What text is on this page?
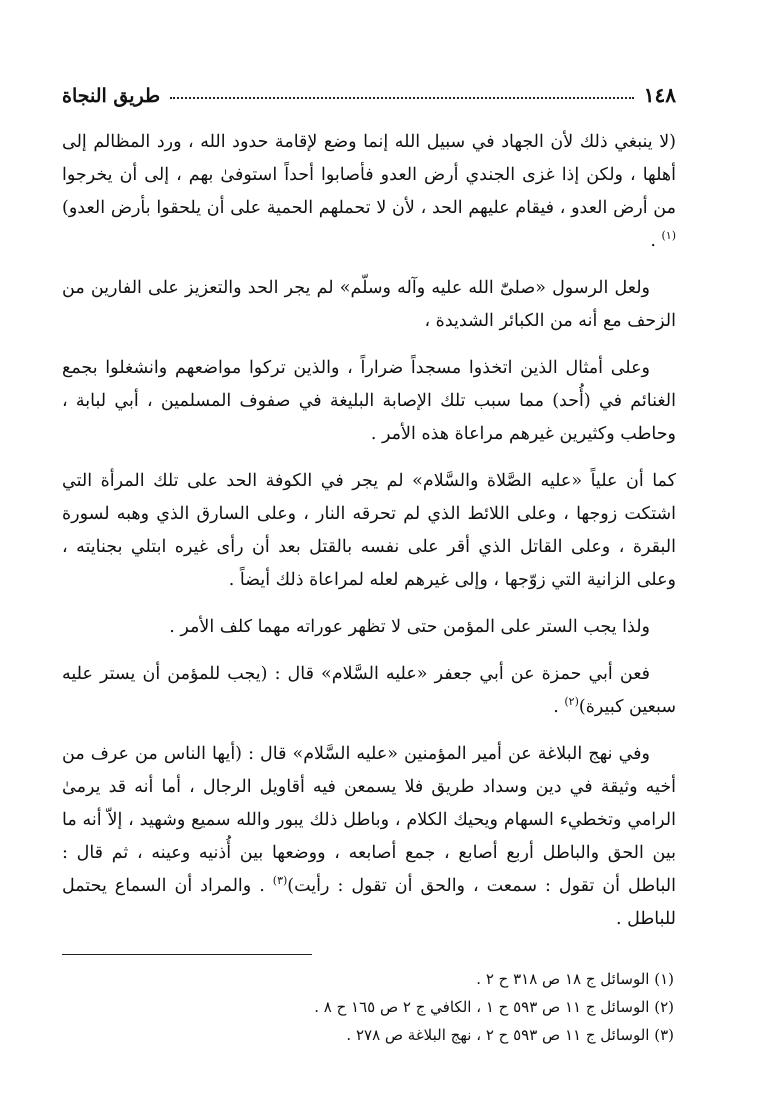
١٤٨
طريق النجاة

(لا ينبغي ذلك لأن الجهاد في سبيل الله إنما وضع لإقامة حدود الله ، ورد المظالم إلى أهلها ، ولكن إذا غزى الجندي أرض العدو فأصابوا أحداً استوفىٰ بهم ، إلى أن يخرجوا من أرض العدو ، فيقام عليهم الحد ، لأن لا تحملهم الحمية على أن يلحقوا بأرض العدو)$^{(١)}$ .

ولعل الرسول «صلىّٰ الله عليه وآله وسلّم» لم يجر الحد والتعزيز على الفارين من الزحف مع أنه من الكبائر الشديدة ،

وعلى أمثال الذين اتخذوا مسجداً ضراراً ، والذين تركوا مواضعهم وانشغلوا بجمع الغنائم في (أُحد) مما سبب تلك الإصابة البليغة في صفوف المسلمين ، أبي لبابة ، وحاطب وكثيرين غيرهم مراعاة هذه الأمر .

كما أن علياً «عليه الصَّلاة والسَّلام» لم يجر في الكوفة الحد على تلك المرأة التي اشتكت زوجها ، وعلى اللائط الذي لم تحرقه النار ، وعلى السارق الذي وهبه لسورة البقرة ، وعلى القاتل الذي أقر على نفسه بالقتل بعد أن رأى غيره ابتلي بجنايته ، وعلى الزانية التي زوّجها ، وإلى غيرهم لعله لمراعاة ذلك أيضاً .

ولذا يجب الستر على المؤمن حتى لا تظهر عوراته مهما كلف الأمر .

فعن أبي حمزة عن أبي جعفر «عليه السَّلام» قال : (يجب للمؤمن أن يستر عليه سبعين كبيرة)$^{(٢)}$ .

وفي نهج البلاغة عن أمير المؤمنين «عليه السَّلام» قال : (أيها الناس من عرف من أخيه وثيقة في دين وسداد طريق فلا يسمعن فيه أقاويل الرجال ، أما أنه قد يرمىٰ الرامي وتخطيء السهام ويحيك الكلام ، وباطل ذلك يبور والله سميع وشهيد ، إلاّ أنه ما بين الحق والباطل أربع أصابع ، جمع أصابعه ، ووضعها بين أُذنيه وعينه ، ثم قال : الباطل أن تقول : سمعت ، والحق أن تقول : رأيت)$^{(٣)}$ . والمراد أن السماع يحتمل للباطل .

(١) الوسائل ج ١٨ ص ٣١٨ ح ٢ .

(٢) الوسائل ج ١١ ص ٥٩٣ ح ١ ، الكافي ج ٢ ص ١٦٥ ح ٨ .

(٣) الوسائل ج ١١ ص ٥٩٣ ح ٢ ، نهج البلاغة ص ٢٧٨ .
